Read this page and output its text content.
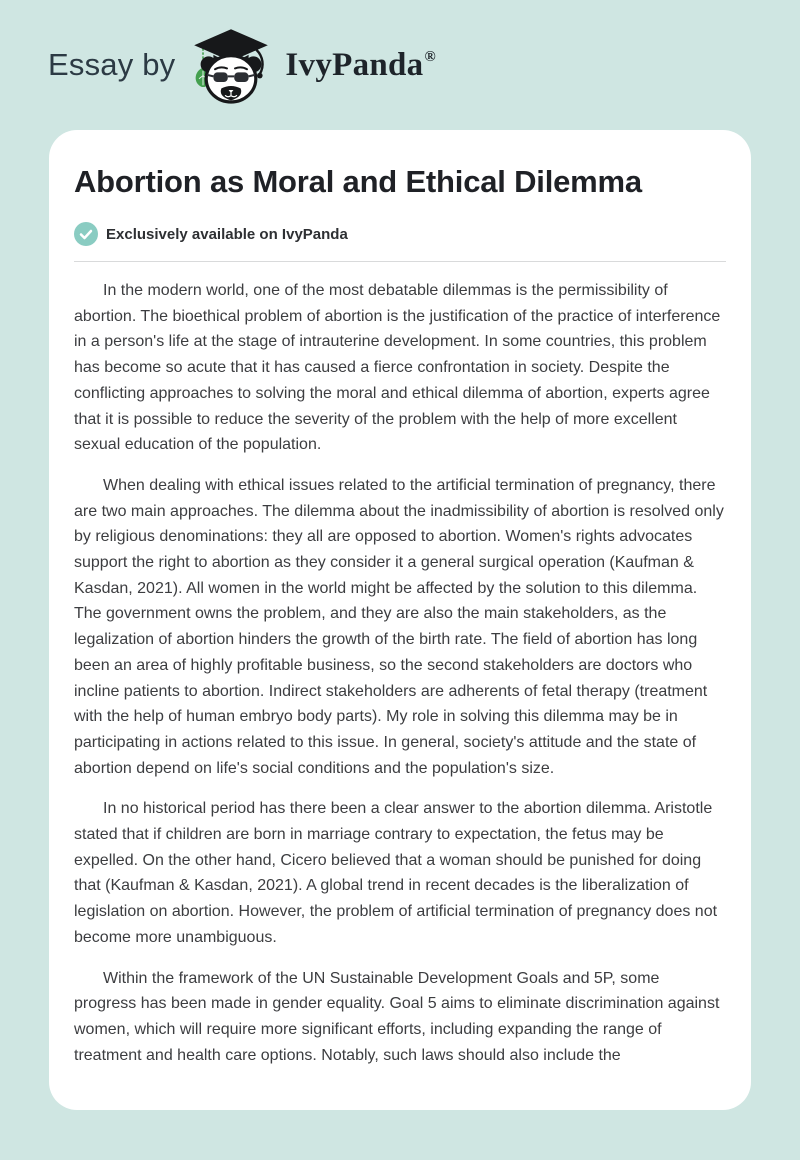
Essay by	IvyPanda®
Abortion as Moral and Ethical Dilemma
Exclusively available on IvyPanda

In the modern world, one of the most debatable dilemmas is the permissibility of abortion. The bioethical problem of abortion is the justification of the practice of interference in a person's life at the stage of intrauterine development. In some countries, this problem has become so acute that it has caused a fierce confrontation in society. Despite the conflicting approaches to solving the moral and ethical dilemma of abortion, experts agree that it is possible to reduce the severity of the problem with the help of more excellent sexual education of the population.

When dealing with ethical issues related to the artificial termination of pregnancy, there are two main approaches. The dilemma about the inadmissibility of abortion is resolved only by religious denominations: they all are opposed to abortion. Women's rights advocates support the right to abortion as they consider it a general surgical operation (Kaufman & Kasdan, 2021). All women in the world might be affected by the solution to this dilemma. The government owns the problem, and they are also the main stakeholders, as the legalization of abortion hinders the growth of the birth rate. The field of abortion has long been an area of highly profitable business, so the second stakeholders are doctors who incline patients to abortion. Indirect stakeholders are adherents of fetal therapy (treatment with the help of human embryo body parts). My role in solving this dilemma may be in participating in actions related to this issue. In general, society's attitude and the state of abortion depend on life's social conditions and the population's size.

In no historical period has there been a clear answer to the abortion dilemma. Aristotle stated that if children are born in marriage contrary to expectation, the fetus may be expelled. On the other hand, Cicero believed that a woman should be punished for doing that (Kaufman & Kasdan, 2021). A global trend in recent decades is the liberalization of legislation on abortion. However, the problem of artificial termination of pregnancy does not become more unambiguous.

Within the framework of the UN Sustainable Development Goals and 5P, some progress has been made in gender equality. Goal 5 aims to eliminate discrimination against women, which will require more significant efforts, including expanding the range of treatment and health care options. Notably, such laws should also include the
